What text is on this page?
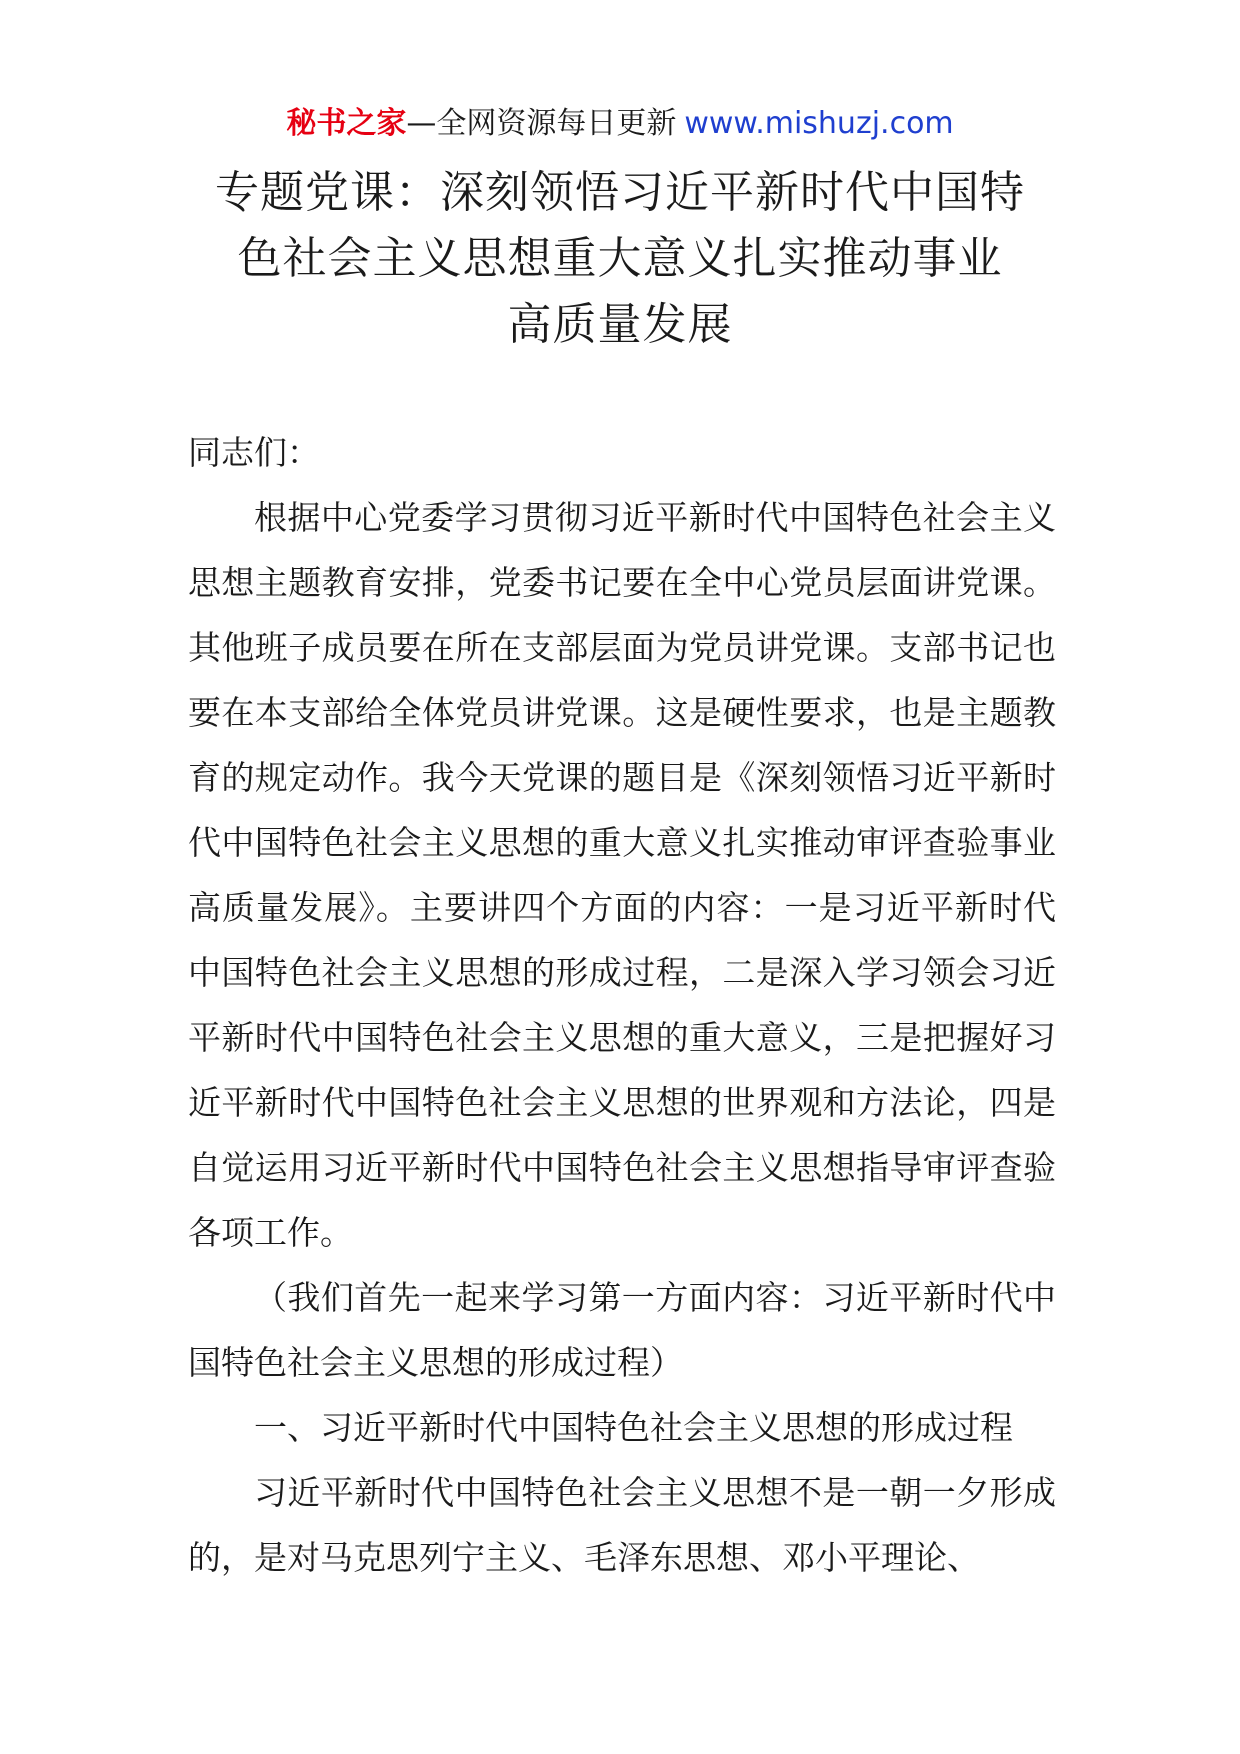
秘书之家—全网资源每日更新 www.mishuzj.com
专题党课：深刻领悟习近平新时代中国特
色社会主义思想重大意义扎实推动事业
高质量发展

同志们：

根据中心党委学习贯彻习近平新时代中国特色社会主义思想主题教育安排，党委书记要在全中心党员层面讲党课。其他班子成员要在所在支部层面为党员讲党课。支部书记也要在本支部给全体党员讲党课。这是硬性要求，也是主题教育的规定动作。我今天党课的题目是《深刻领悟习近平新时代中国特色社会主义思想的重大意义扎实推动审评查验事业高质量发展》。主要讲四个方面的内容：一是习近平新时代中国特色社会主义思想的形成过程，二是深入学习领会习近平新时代中国特色社会主义思想的重大意义，三是把握好习近平新时代中国特色社会主义思想的世界观和方法论，四是自觉运用习近平新时代中国特色社会主义思想指导审评查验各项工作。

（我们首先一起来学习第一方面内容：习近平新时代中国特色社会主义思想的形成过程）

一、习近平新时代中国特色社会主义思想的形成过程

习近平新时代中国特色社会主义思想不是一朝一夕形成的，是对马克思列宁主义、毛泽东思想、邓小平理论、
